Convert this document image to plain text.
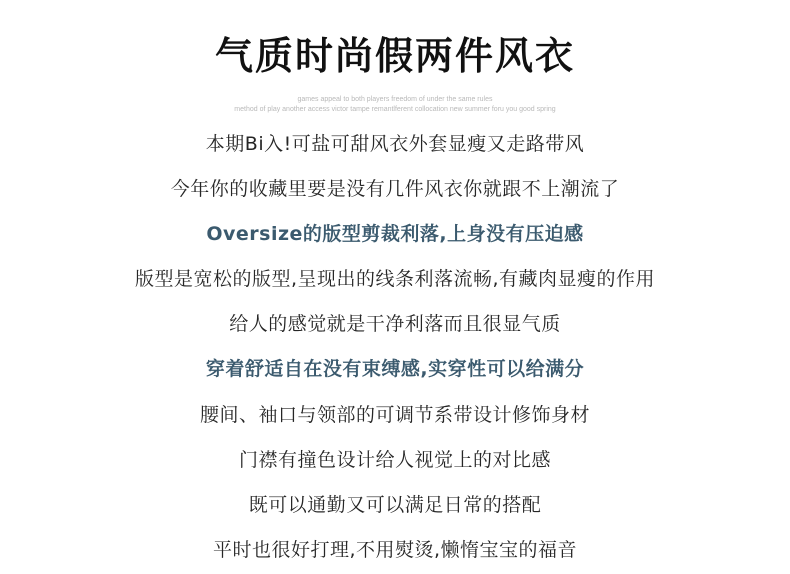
气质时尚假两件风衣
games appeal to both players freedom of under the same rules
method of play another access victor tampe remantlferent collocation new summer foru you good spring
本期Bi入!可盐可甜风衣外套显瘦又走路带风
今年你的收藏里要是没有几件风衣你就跟不上潮流了
Oversize的版型剪裁利落,上身没有压迫感
版型是宽松的版型,呈现出的线条利落流畅,有藏肉显瘦的作用
给人的感觉就是干净利落而且很显气质
穿着舒适自在没有束缚感,实穿性可以给满分
腰间、袖口与领部的可调节系带设计修饰身材
门襟有撞色设计给人视觉上的对比感
既可以通勤又可以满足日常的搭配
平时也很好打理,不用熨烫,懒惰宝宝的福音
